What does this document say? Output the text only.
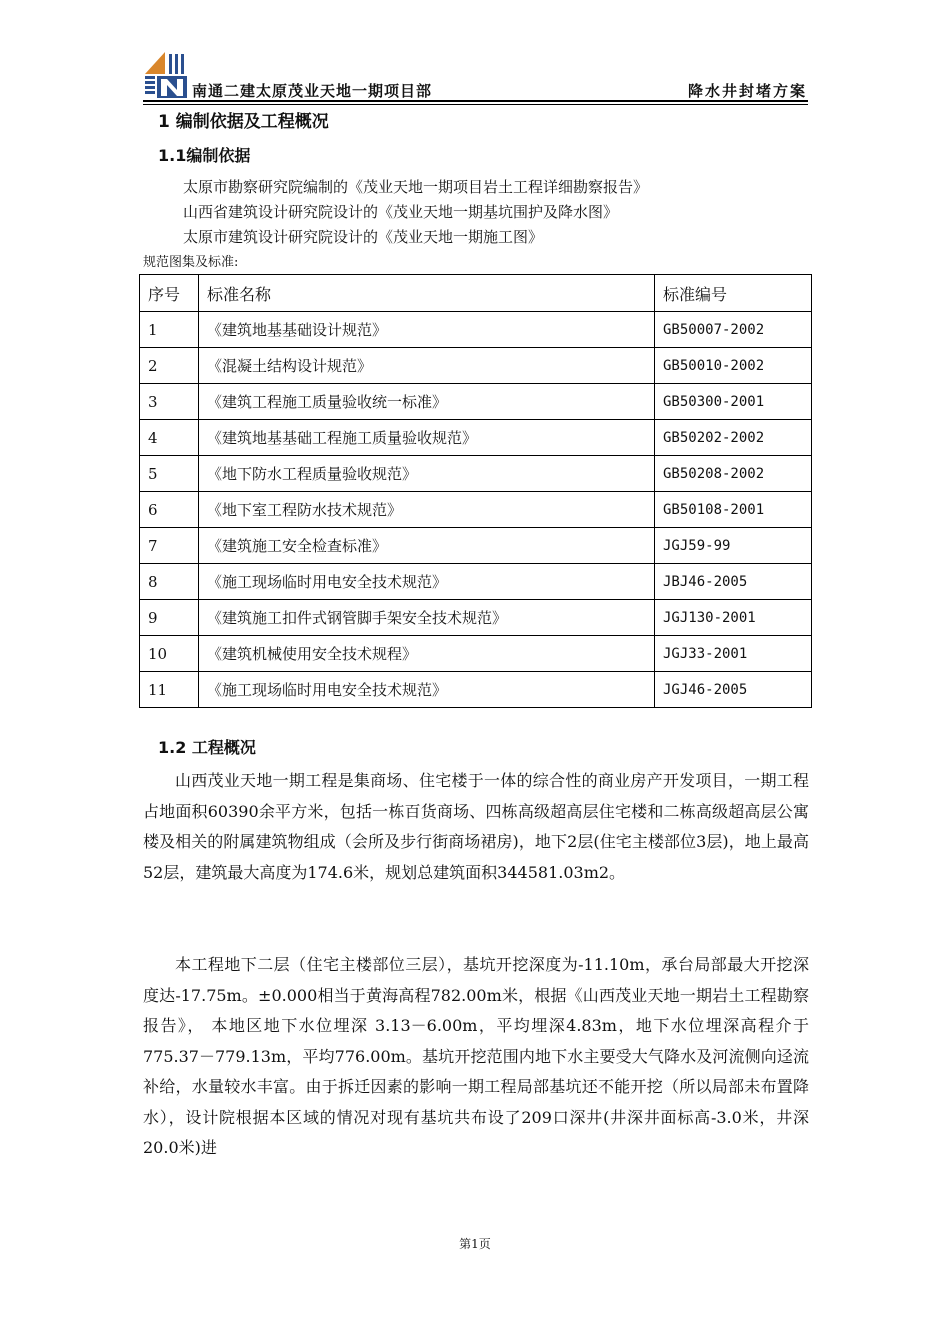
南通二建太原茂业天地一期项目部	降水井封堵方案
1 编制依据及工程概况
1.1编制依据
太原市勘察研究院编制的《茂业天地一期项目岩土工程详细勘察报告》
山西省建筑设计研究院设计的《茂业天地一期基坑围护及降水图》
太原市建筑设计研究院设计的《茂业天地一期施工图》
规范图集及标准:
序号	标准名称	标准编号
1	《建筑地基基础设计规范》	GB50007-2002
2	《混凝土结构设计规范》	GB50010-2002
3	《建筑工程施工质量验收统一标准》	GB50300-2001
4	《建筑地基基础工程施工质量验收规范》	GB50202-2002
5	《地下防水工程质量验收规范》	GB50208-2002
6	《地下室工程防水技术规范》	GB50108-2001
7	《建筑施工安全检查标准》	JGJ59-99
8	《施工现场临时用电安全技术规范》	JBJ46-2005
9	《建筑施工扣件式钢管脚手架安全技术规范》	JGJ130-2001
10	《建筑机械使用安全技术规程》	JGJ33-2001
11	《施工现场临时用电安全技术规范》	JGJ46-2005
1.2 工程概况

山西茂业天地一期工程是集商场、住宅楼于一体的综合性的商业房产开发项目，一期工程占地面积60390余平方米，包括一栋百货商场、四栋高级超高层住宅楼和二栋高级超高层公寓楼及相关的附属建筑物组成（会所及步行街商场裙房)，地下2层(住宅主楼部位3层)，地上最高52层，建筑最大高度为174.6米，规划总建筑面积344581.03m2。

本工程地下二层（住宅主楼部位三层），基坑开挖深度为-11.10m，承台局部最大开挖深度达-17.75m。±0.000相当于黄海高程782.00m米，根据《山西茂业天地一期岩土工程勘察报告》， 本地区地下水位埋深 3.13－6.00m，平均埋深4.83m，地下水位埋深高程介于775.37－779.13m，平均776.00m。基坑开挖范围内地下水主要受大气降水及河流侧向迳流补给，水量较水丰富。由于拆迁因素的影响一期工程局部基坑还不能开挖（所以局部未布置降水），设计院根据本区域的情况对现有基坑共布设了209口深井(井深井面标高-3.0米，井深20.0米)进

第1页
